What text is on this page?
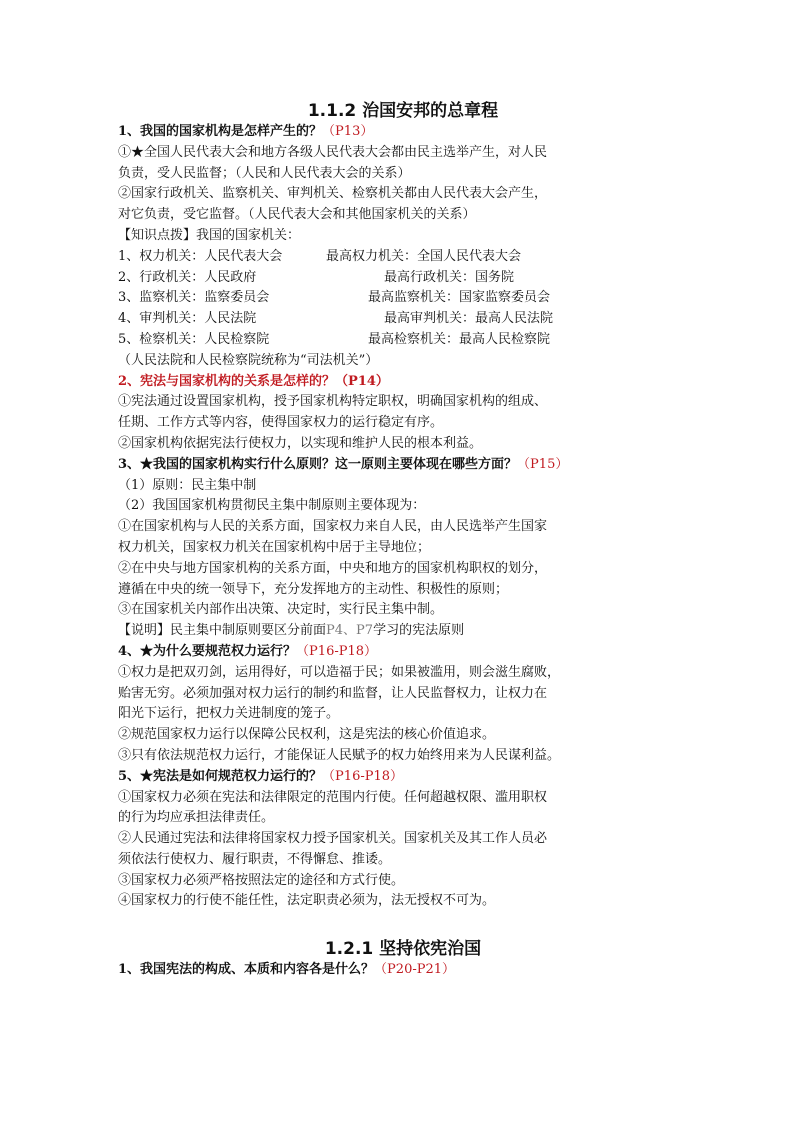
1.1.2 治国安邦的总章程

1、我国的国家机构是怎样产生的？（P13）

①★全国人民代表大会和地方各级人民代表大会都由民主选举产生，对人民

负责，受人民监督；（人民和人民代表大会的关系）

②国家行政机关、监察机关、审判机关、检察机关都由人民代表大会产生，

对它负责，受它监督。（人民代表大会和其他国家机关的关系）

【知识点拨】我国的国家机关：

1、权力机关：人民代表大会	最高权力机关：全国人民代表大会

2、行政机关：人民政府	最高行政机关：国务院

3、监察机关：监察委员会	最高监察机关：国家监察委员会

4、审判机关：人民法院	最高审判机关：最高人民法院

5、检察机关：人民检察院	最高检察机关：最高人民检察院

（人民法院和人民检察院统称为“司法机关”）

2、宪法与国家机构的关系是怎样的？（P14）

①宪法通过设置国家机构，授予国家机构特定职权，明确国家机构的组成、

任期、工作方式等内容，使得国家权力的运行稳定有序。

②国家机构依据宪法行使权力，以实现和维护人民的根本利益。

3、★我国的国家机构实行什么原则？这一原则主要体现在哪些方面？（P15）

（1）原则：民主集中制

（2）我国国家机构贯彻民主集中制原则主要体现为：

①在国家机构与人民的关系方面，国家权力来自人民，由人民选举产生国家

权力机关，国家权力机关在国家机构中居于主导地位；

②在中央与地方国家机构的关系方面，中央和地方的国家机构职权的划分，

遵循在中央的统一领导下，充分发挥地方的主动性、积极性的原则；

③在国家机关内部作出决策、决定时，实行民主集中制。

【说明】民主集中制原则要区分前面P4、P7学习的宪法原则

4、★为什么要规范权力运行？（P16-P18）

①权力是把双刃剑，运用得好，可以造福于民；如果被滥用，则会滋生腐败，

贻害无穷。必须加强对权力运行的制约和监督，让人民监督权力，让权力在

阳光下运行，把权力关进制度的笼子。

②规范国家权力运行以保障公民权利，这是宪法的核心价值追求。

③只有依法规范权力运行，才能保证人民赋予的权力始终用来为人民谋利益。

5、★宪法是如何规范权力运行的？（P16-P18）

①国家权力必须在宪法和法律限定的范围内行使。任何超越权限、滥用职权

的行为均应承担法律责任。

②人民通过宪法和法律将国家权力授予国家机关。国家机关及其工作人员必

须依法行使权力、履行职责，不得懈怠、推诿。

③国家权力必须严格按照法定的途径和方式行使。

④国家权力的行使不能任性，法定职责必须为，法无授权不可为。

1.2.1 坚持依宪治国

1、我国宪法的构成、本质和内容各是什么？（P20-P21）
